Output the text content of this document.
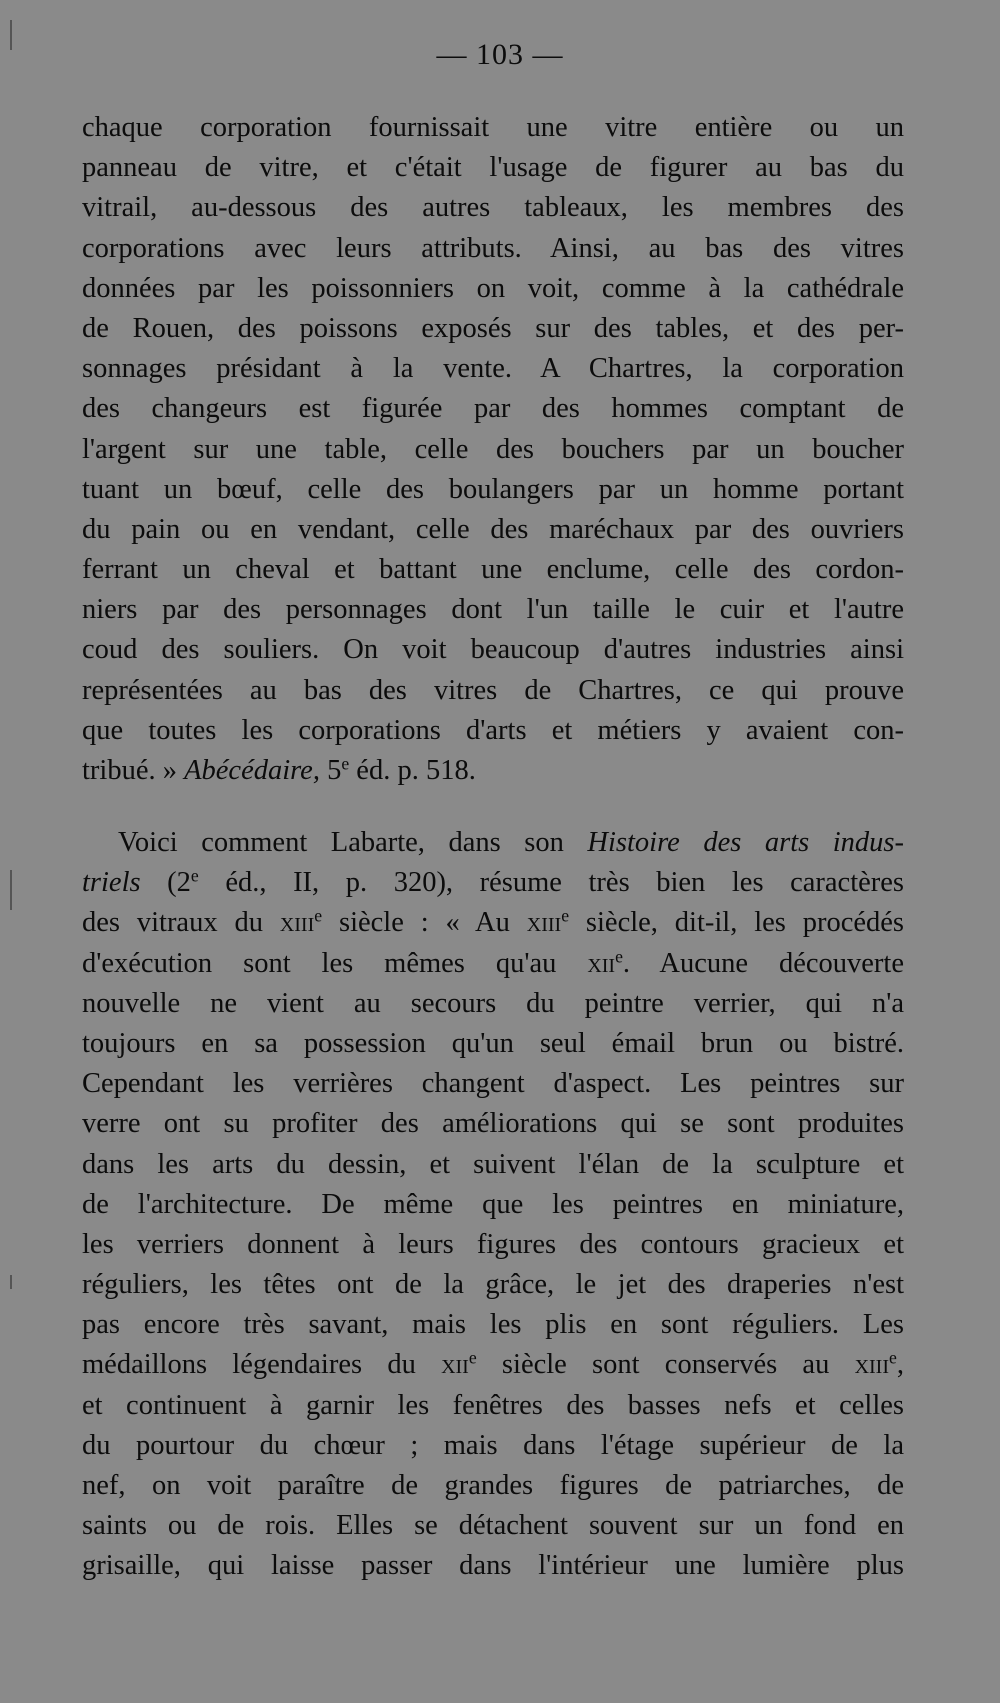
— 103 —
chaque corporation fournissait une vitre entière ou un
panneau de vitre, et c'était l'usage de figurer au bas du
vitrail, au-dessous des autres tableaux, les membres des
corporations avec leurs attributs. Ainsi, au bas des vitres
données par les poissonniers on voit, comme à la cathédrale
de Rouen, des poissons exposés sur des tables, et des per-
sonnages présidant à la vente. A Chartres, la corporation
des changeurs est figurée par des hommes comptant de
l'argent sur une table, celle des bouchers par un boucher
tuant un bœuf, celle des boulangers par un homme portant
du pain ou en vendant, celle des maréchaux par des ouvriers
ferrant un cheval et battant une enclume, celle des cordon-
niers par des personnages dont l'un taille le cuir et l'autre
coud des souliers. On voit beaucoup d'autres industries ainsi
représentées au bas des vitres de Chartres, ce qui prouve
que toutes les corporations d'arts et métiers y avaient con-
tribué. » Abécédaire, 5e éd. p. 518.
Voici comment Labarte, dans son Histoire des arts indus-
triels (2e éd., II, p. 320), résume très bien les caractères
des vitraux du xiii$^e$ siècle : « Au xiii$^e$ siècle, dit-il, les procédés
d'exécution sont les mêmes qu'au xii$^e$. Aucune découverte
nouvelle ne vient au secours du peintre verrier, qui n'a
toujours en sa possession qu'un seul émail brun ou bistré.
Cependant les verrières changent d'aspect. Les peintres sur
verre ont su profiter des améliorations qui se sont produites
dans les arts du dessin, et suivent l'élan de la sculpture et
de l'architecture. De même que les peintres en miniature,
les verriers donnent à leurs figures des contours gracieux et
réguliers, les têtes ont de la grâce, le jet des draperies n'est
pas encore très savant, mais les plis en sont réguliers. Les
médaillons légendaires du xii$^e$ siècle sont conservés au xiii$^e$,
et continuent à garnir les fenêtres des basses nefs et celles
du pourtour du chœur ; mais dans l'étage supérieur de la
nef, on voit paraître de grandes figures de patriarches, de
saints ou de rois. Elles se détachent souvent sur un fond en
grisaille, qui laisse passer dans l'intérieur une lumière plus
